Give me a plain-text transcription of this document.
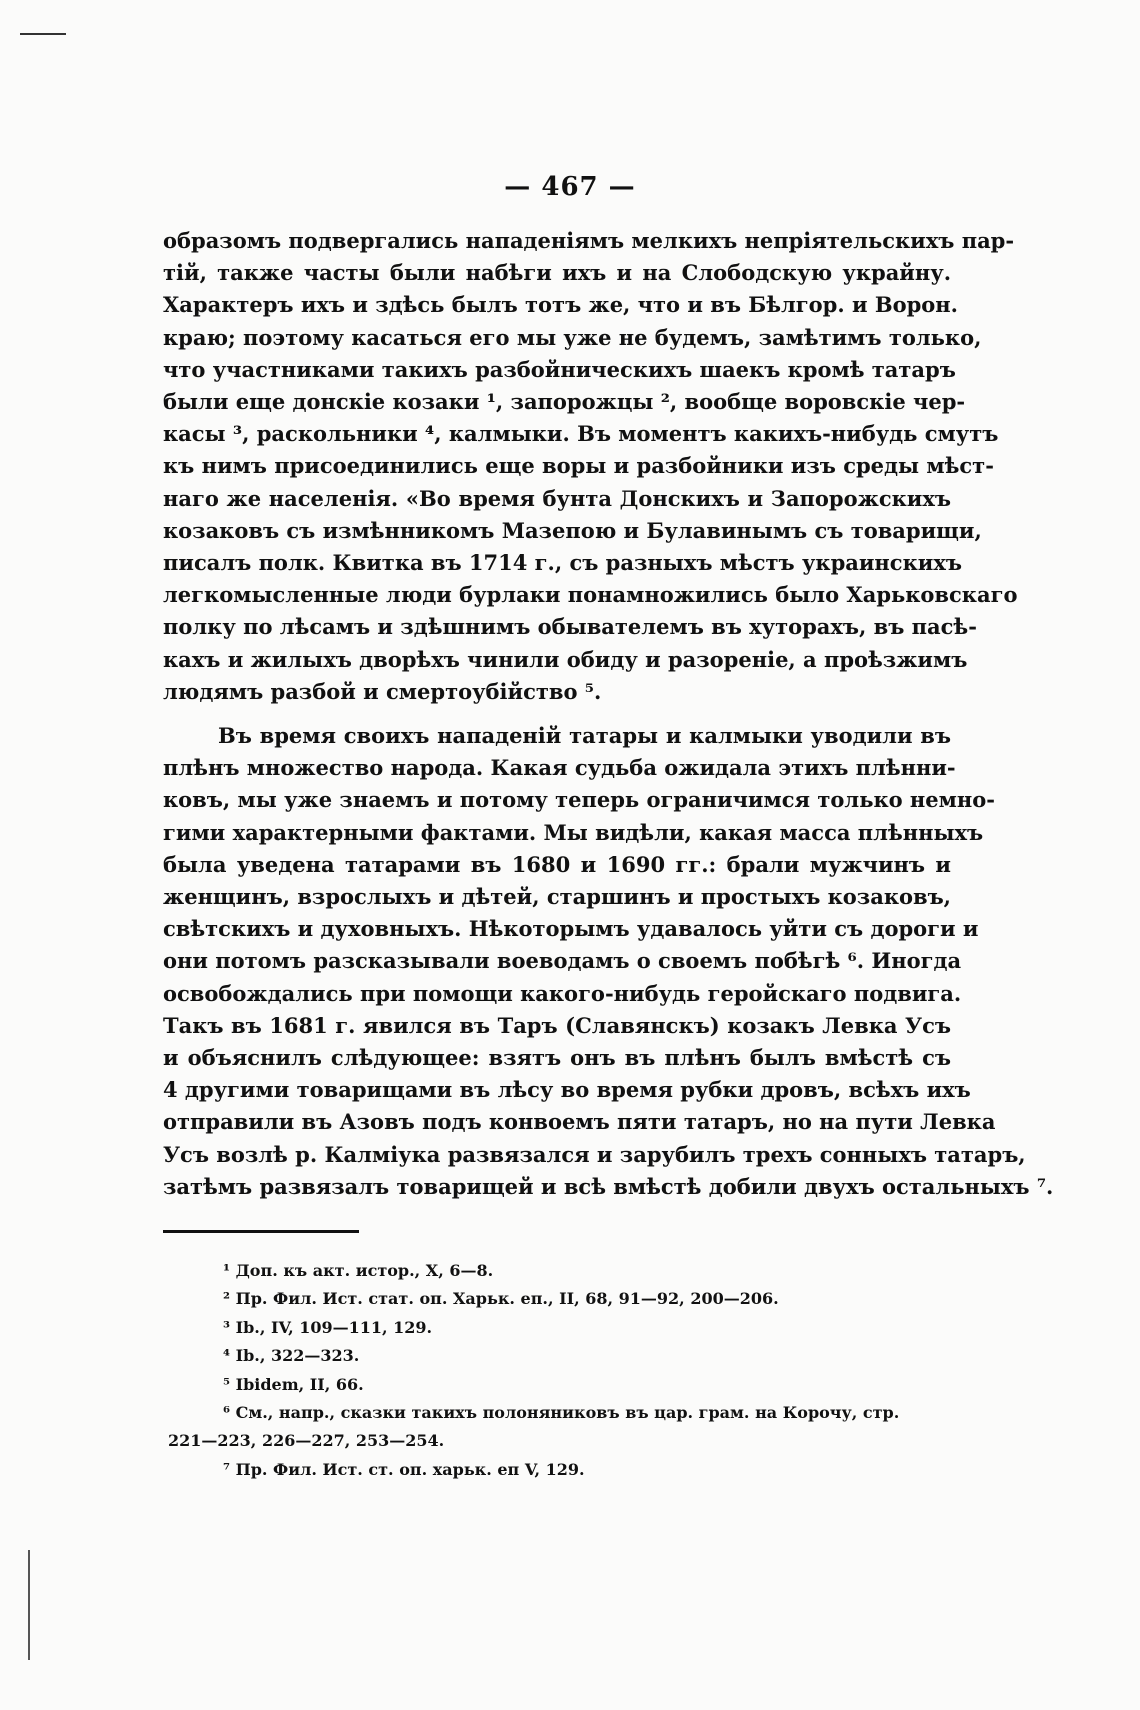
— 467 —
образомъ подвергались нападеніямъ мелкихъ непріятельскихъ пар-
тій, также часты были набѣги ихъ и на Слободскую украйну.
Характеръ ихъ и здѣсь былъ тотъ же, что и въ Бѣлгор. и Ворон.
краю; поэтому касаться его мы уже не будемъ, замѣтимъ только,
что участниками такихъ разбойническихъ шаекъ кромѣ татаръ
были еще донскіе козаки ¹, запорожцы ², вообще воровскіе чер-
касы ³, раскольники ⁴, калмыки. Въ моментъ какихъ-нибудь смутъ
къ нимъ присоединились еще воры и разбойники изъ среды мѣст-
наго же населенія. «Во время бунта Донскихъ и Запорожскихъ
козаковъ съ измѣнникомъ Мазепою и Булавинымъ съ товарищи,
писалъ полк. Квитка въ 1714 г., съ разныхъ мѣстъ украинскихъ
легкомысленные люди бурлаки понамножились было Харьковскаго
полку по лѣсамъ и здѣшнимъ обывателемъ въ хуторахъ, въ пасѣ-
кахъ и жилыхъ дворѣхъ чинили обиду и разореніе, а проѣзжимъ
людямъ разбой и смертоубійство ⁵.
Въ время своихъ нападеній татары и калмыки уводили въ
плѣнъ множество народа. Какая судьба ожидала этихъ плѣнни-
ковъ, мы уже знаемъ и потому теперь ограничимся только немно-
гими характерными фактами. Мы видѣли, какая масса плѣнныхъ
была уведена татарами въ 1680 и 1690 гг.: брали мужчинъ и
женщинъ, взрослыхъ и дѣтей, старшинъ и простыхъ козаковъ,
свѣтскихъ и духовныхъ. Нѣкоторымъ удавалось уйти съ дороги и
они потомъ разсказывали воеводамъ о своемъ побѣгѣ ⁶. Иногда
освобождались при помощи какого-нибудь геройскаго подвига.
Такъ въ 1681 г. явился въ Таръ (Славянскъ) козакъ Левка Усъ
и объяснилъ слѣдующее: взятъ онъ въ плѣнъ былъ вмѣстѣ съ
4 другими товарищами въ лѣсу во время рубки дровъ, всѣхъ ихъ
отправили въ Азовъ подъ конвоемъ пяти татаръ, но на пути Левка
Усъ возлѣ р. Калміука развязался и зарубилъ трехъ сонныхъ татаръ,
затѣмъ развязалъ товарищей и всѣ вмѣстѣ добили двухъ остальныхъ ⁷.
¹ Доп. къ акт. истор., X, 6—8.
² Пр. Фил. Ист. стат. оп. Харьк. еп., II, 68, 91—92, 200—206.
³ Ib., IV, 109—111, 129.
⁴ Ib., 322—323.
⁵ Ibidem, II, 66.
⁶ См., напр., сказки такихъ полоняниковъ въ цар. грам. на Корочу, стр.
221—223, 226—227, 253—254.
⁷ Пр. Фил. Ист. ст. оп. харьк. еп V, 129.
